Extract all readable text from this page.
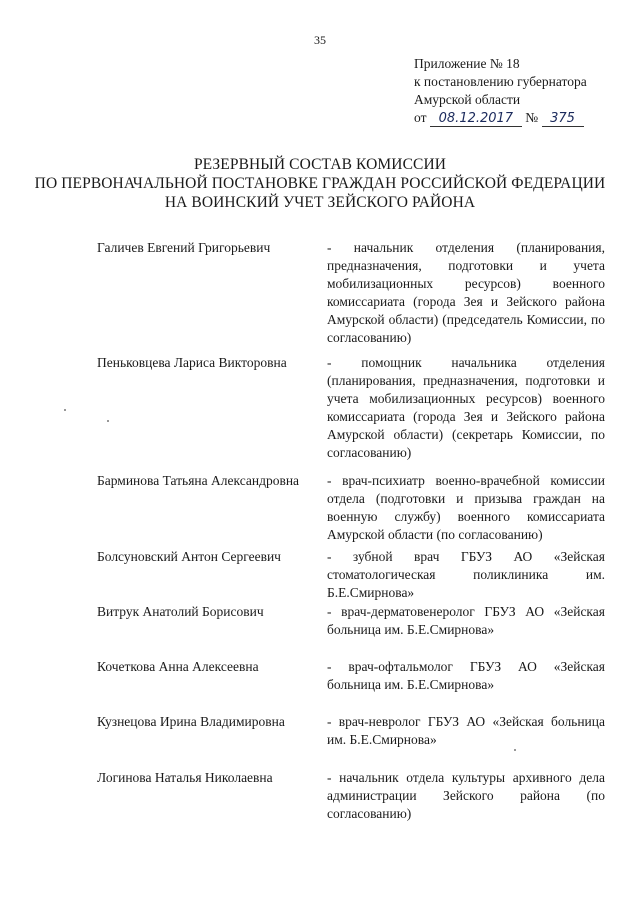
35
Приложение № 18
к постановлению губернатора
Амурской области
от 08.12.2017 № 375
РЕЗЕРВНЫЙ СОСТАВ КОМИССИИ
ПО ПЕРВОНАЧАЛЬНОЙ ПОСТАНОВКЕ ГРАЖДАН РОССИЙСКОЙ ФЕДЕРАЦИИ
НА ВОИНСКИЙ УЧЕТ ЗЕЙСКОГО РАЙОНА
Галичев Евгений Григорьевич	- начальник отделения (планирования, предназначения, подготовки и учета мобилизационных ресурсов) военного комиссариата (города Зея и Зейского района Амурской области) (председатель Комиссии, по согласованию)
Пеньковцева Лариса Викторовна	- помощник начальника отделения (планирования, предназначения, подготовки и учета мобилизационных ресурсов) военного комиссариата (города Зея и Зейского района Амурской области) (секретарь Комиссии, по согласованию)
Барминова Татьяна Александровна	- врач-психиатр военно-врачебной комиссии отдела (подготовки и призыва граждан на военную службу) военного комиссариата Амурской области (по согласованию)
Болсуновский Антон Сергеевич	- зубной врач ГБУЗ АО «Зейская стоматологическая поликлиника им. Б.Е.Смирнова»
Витрук Анатолий Борисович	- врач-дерматовенеролог ГБУЗ АО «Зейская больница им. Б.Е.Смирнова»
Кочеткова Анна Алексеевна	- врач-офтальмолог ГБУЗ АО «Зейская больница им. Б.Е.Смирнова»
Кузнецова Ирина Владимировна	- врач-невролог ГБУЗ АО «Зейская больница им. Б.Е.Смирнова»
Логинова Наталья Николаевна	- начальник отдела культуры архивного дела администрации Зейского района (по согласованию)
